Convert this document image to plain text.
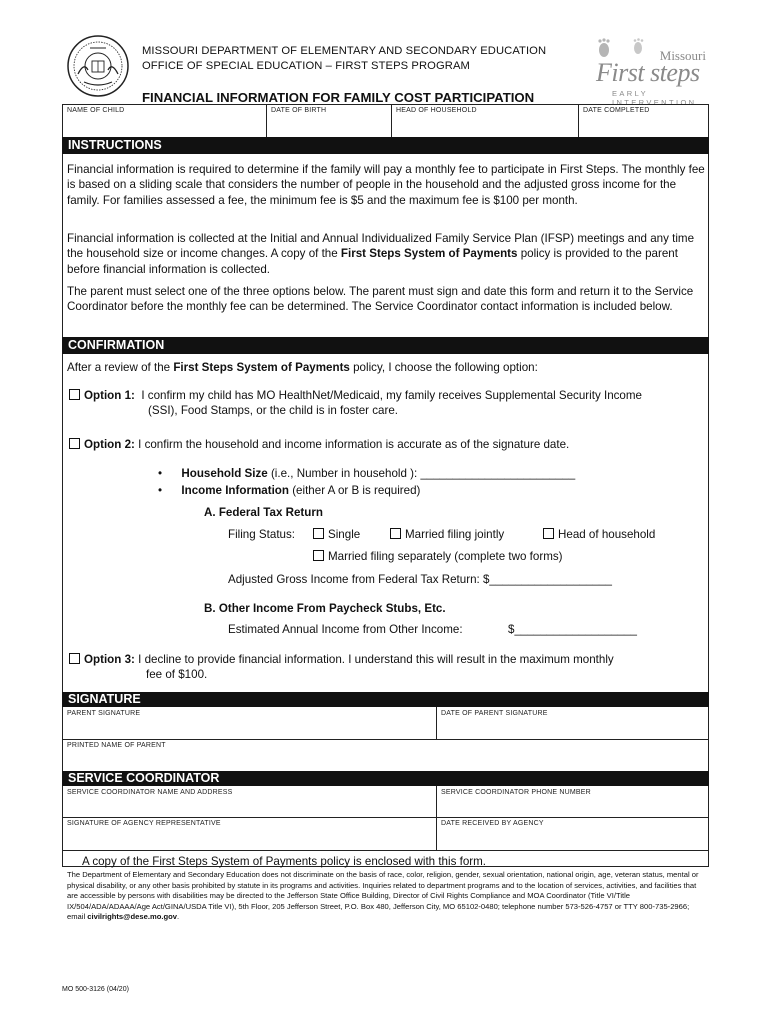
MISSOURI DEPARTMENT OF ELEMENTARY AND SECONDARY EDUCATION
OFFICE OF SPECIAL EDUCATION – FIRST STEPS PROGRAM
FINANCIAL INFORMATION FOR FAMILY COST PARTICIPATION
Missouri
First steps
EARLY INTERVENTION
NAME OF CHILD	DATE OF BIRTH	HEAD OF HOUSEHOLD	DATE COMPLETED
INSTRUCTIONS
Financial information is required to determine if the family will pay a monthly fee to participate in First Steps. The monthly fee is based on a sliding scale that considers the number of people in the household and the adjusted gross income for the family. For families assessed a fee, the minimum fee is $5 and the maximum fee is $100 per month.
Financial information is collected at the Initial and Annual Individualized Family Service Plan (IFSP) meetings and any time the household size or income changes. A copy of the First Steps System of Payments policy is provided to the parent before financial information is collected.
The parent must select one of the three options below. The parent must sign and date this form and return it to the Service Coordinator before the monthly fee can be determined. The Service Coordinator contact information is included below.
CONFIRMATION
After a review of the First Steps System of Payments policy, I choose the following option:
Option 1: I confirm my child has MO HealthNet/Medicaid, my family receives Supplemental Security Income
(SSI), Food Stamps, or the child is in foster care.
Option 2: I confirm the household and income information is accurate as of the signature date.
•      Household Size (i.e., Number in household ): ________________________
•      Income Information (either A or B is required)
A. Federal Tax Return
Filing Status:	Single	Married filing jointly	Head of household
Married filing separately (complete two forms)
Adjusted Gross Income from Federal Tax Return: $___________________
B. Other Income From Paycheck Stubs, Etc.
Estimated Annual Income from Other Income:	$___________________
Option 3: I decline to provide financial information. I understand this will result in the maximum monthly
fee of $100.
SIGNATURE
PARENT SIGNATURE	DATE OF PARENT SIGNATURE
PRINTED NAME OF PARENT
SERVICE COORDINATOR
SERVICE COORDINATOR NAME AND ADDRESS	SERVICE COORDINATOR PHONE NUMBER
SIGNATURE OF AGENCY REPRESENTATIVE	DATE RECEIVED BY AGENCY
A copy of the First Steps System of Payments policy is enclosed with this form.
The Department of Elementary and Secondary Education does not discriminate on the basis of race, color, religion, gender, sexual orientation, national origin, age, veteran status, mental or physical disability, or any other basis prohibited by statute in its programs and activities. Inquiries related to department programs and to the location of services, activities, and facilities that are accessible by persons with disabilities may be directed to the Jefferson State Office Building, Director of Civil Rights Compliance and MOA Coordinator (Title VI/Title IX/504/ADA/ADAAA/Age Act/GINA/USDA Title VI), 5th Floor, 205 Jefferson Street, P.O. Box 480, Jefferson City, MO 65102-0480; telephone number 573-526-4757 or TTY 800-735-2966; email civilrights@dese.mo.gov.
MO 500-3126 (04/20)
